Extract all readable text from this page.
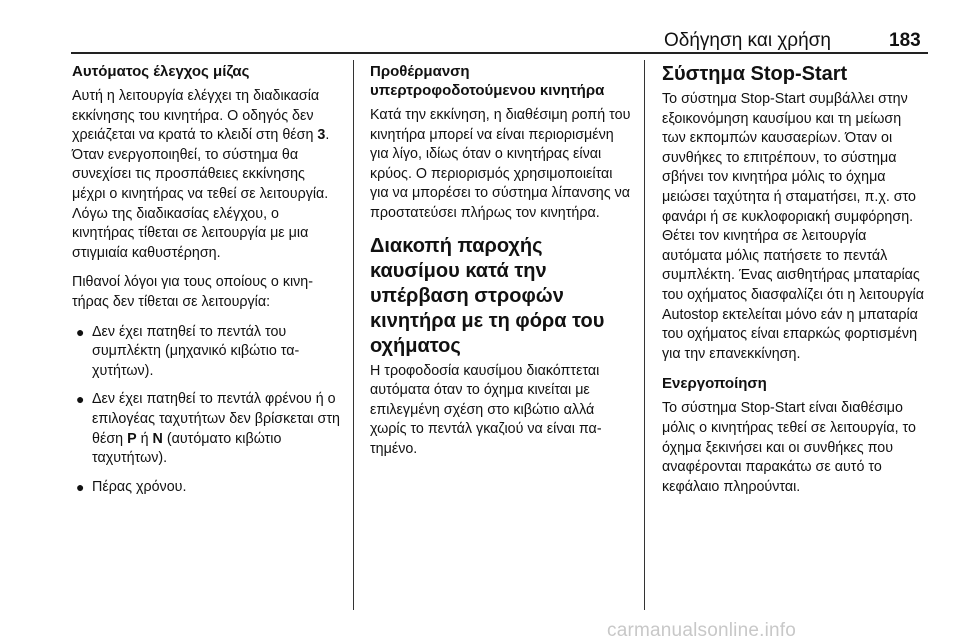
Οδήγηση και χρήση	183
Αυτόματος έλεγχος μίζας

Αυτή η λειτουργία ελέγχει τη διαδικασία εκκίνησης του κινητήρα. Ο οδηγός δεν χρειάζεται να κρατά το κλειδί στη θέση 3. Όταν ενεργοποιηθεί, το σύστημα θα συνεχίσει τις προσπάθειες εκκίνησης μέχρι ο κινητήρας να τεθεί σε λειτουργία. Λόγω της διαδικασίας ελέγχου, ο κινητήρας τίθεται σε λειτουργία με μια στιγμιαία καθυστέρηση.

Πιθανοί λόγοι για τους οποίους ο κινητήρας δεν τίθεται σε λειτουργία:

● Δεν έχει πατηθεί το πεντάλ του συμπλέκτη (μηχανικό κιβώτιο ταχυτήτων).
● Δεν έχει πατηθεί το πεντάλ φρένου ή ο επιλογέας ταχυτήτων δεν βρίσκεται στη θέση P ή N (αυτόματο κιβώτιο ταχυτήτων).
● Πέρας χρόνου.
Προθέρμανση υπερτροφοδοτούμενου κινητήρα

Κατά την εκκίνηση, η διαθέσιμη ροπή του κινητήρα μπορεί να είναι περιορισμένη για λίγο, ιδίως όταν ο κινητήρας είναι κρύος. Ο περιορισμός χρησιμοποιείται για να μπορέσει το σύστημα λίπανσης να προστατεύσει πλήρως τον κινητήρα.

Διακοπή παροχής καυσίμου κατά την υπέρβαση στροφών κινητήρα με τη φόρα του οχήματος

Η τροφοδοσία καυσίμου διακόπτεται αυτόματα όταν το όχημα κινείται με επιλεγμένη σχέση στο κιβώτιο αλλά χωρίς το πεντάλ γκαζιού να είναι πατημένο.

Σύστημα Stop-Start

Το σύστημα Stop-Start συμβάλλει στην εξοικονόμηση καυσίμου και τη μείωση των εκπομπών καυσαερίων. Όταν οι συνθήκες το επιτρέπουν, το σύστημα σβήνει τον κινητήρα μόλις το όχημα μειώσει ταχύτητα ή σταματήσει, π.χ. στο φανάρι ή σε κυκλοφοριακή συμφόρηση. Θέτει τον κινητήρα σε λειτουργία αυτόματα μόλις πατήσετε το πεντάλ συμπλέκτη. Ένας αισθητήρας μπαταρίας του οχήματος διασφαλίζει ότι η λειτουργία Autostop εκτελείται μόνο εάν η μπαταρία του οχήματος είναι επαρκώς φορτισμένη για την επανεκκίνηση.

Ενεργοποίηση

Το σύστημα Stop-Start είναι διαθέσιμο μόλις ο κινητήρας τεθεί σε λειτουργία, το όχημα ξεκινήσει και οι συνθήκες που αναφέρονται παρακάτω σε αυτό το κεφάλαιο πληρούνται.

carmanualsonline.info
